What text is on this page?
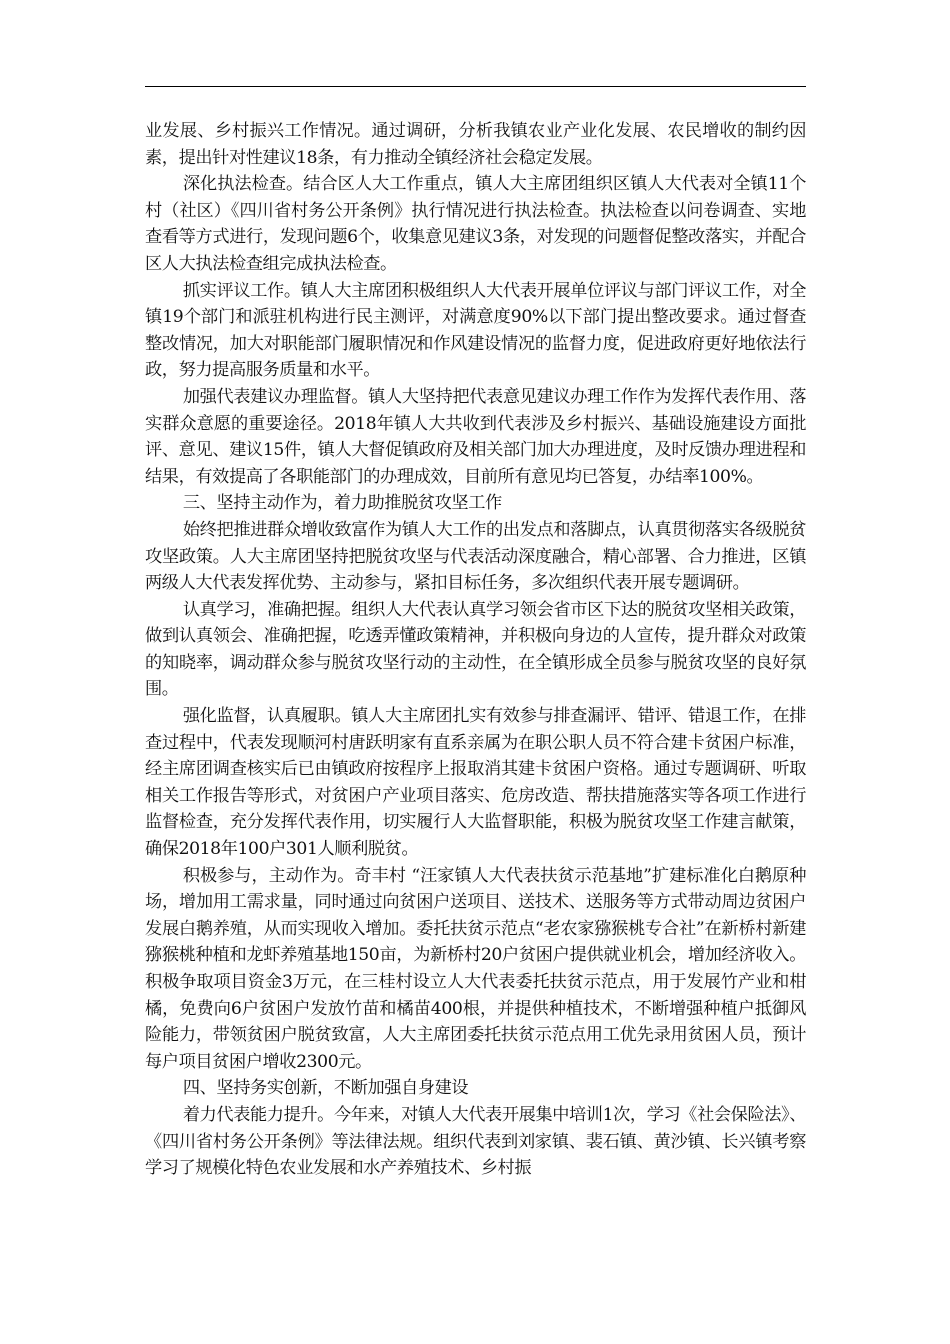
业发展、乡村振兴工作情况。通过调研，分析我镇农业产业化发展、农民增收的制约因素，提出针对性建议18条，有力推动全镇经济社会稳定发展。

深化执法检查。结合区人大工作重点，镇人大主席团组织区镇人大代表对全镇11个村（社区）《四川省村务公开条例》执行情况进行执法检查。执法检查以问卷调查、实地查看等方式进行，发现问题6个，收集意见建议3条，对发现的问题督促整改落实，并配合区人大执法检查组完成执法检查。

抓实评议工作。镇人大主席团积极组织人大代表开展单位评议与部门评议工作，对全镇19个部门和派驻机构进行民主测评，对满意度90%以下部门提出整改要求。通过督查整改情况，加大对职能部门履职情况和作风建设情况的监督力度，促进政府更好地依法行政，努力提高服务质量和水平。

加强代表建议办理监督。镇人大坚持把代表意见建议办理工作作为发挥代表作用、落实群众意愿的重要途径。2018年镇人大共收到代表涉及乡村振兴、基础设施建设方面批评、意见、建议15件，镇人大督促镇政府及相关部门加大办理进度，及时反馈办理进程和结果，有效提高了各职能部门的办理成效，目前所有意见均已答复，办结率100%。

三、坚持主动作为，着力助推脱贫攻坚工作

始终把推进群众增收致富作为镇人大工作的出发点和落脚点，认真贯彻落实各级脱贫攻坚政策。人大主席团坚持把脱贫攻坚与代表活动深度融合，精心部署、合力推进，区镇两级人大代表发挥优势、主动参与，紧扣目标任务，多次组织代表开展专题调研。

认真学习，准确把握。组织人大代表认真学习领会省市区下达的脱贫攻坚相关政策，做到认真领会、准确把握，吃透弄懂政策精神，并积极向身边的人宣传，提升群众对政策的知晓率，调动群众参与脱贫攻坚行动的主动性，在全镇形成全员参与脱贫攻坚的良好氛围。

强化监督，认真履职。镇人大主席团扎实有效参与排查漏评、错评、错退工作，在排查过程中，代表发现顺河村唐跃明家有直系亲属为在职公职人员不符合建卡贫困户标准，经主席团调查核实后已由镇政府按程序上报取消其建卡贫困户资格。通过专题调研、听取相关工作报告等形式，对贫困户产业项目落实、危房改造、帮扶措施落实等各项工作进行监督检查，充分发挥代表作用，切实履行人大监督职能，积极为脱贫攻坚工作建言献策，确保2018年100户301人顺利脱贫。

积极参与，主动作为。奇丰村 “汪家镇人大代表扶贫示范基地”扩建标准化白鹅原种场，增加用工需求量，同时通过向贫困户送项目、送技术、送服务等方式带动周边贫困户发展白鹅养殖，从而实现收入增加。委托扶贫示范点“老农家猕猴桃专合社”在新桥村新建猕猴桃种植和龙虾养殖基地150亩，为新桥村20户贫困户提供就业机会，增加经济收入。积极争取项目资金3万元，在三桂村设立人大代表委托扶贫示范点，用于发展竹产业和柑橘，免费向6户贫困户发放竹苗和橘苗400根，并提供种植技术，不断增强种植户抵御风险能力，带领贫困户脱贫致富，人大主席团委托扶贫示范点用工优先录用贫困人员，预计每户项目贫困户增收2300元。

四、坚持务实创新，不断加强自身建设

着力代表能力提升。今年来，对镇人大代表开展集中培训1次，学习《社会保险法》、《四川省村务公开条例》等法律法规。组织代表到刘家镇、裴石镇、黄沙镇、长兴镇考察学习了规模化特色农业发展和水产养殖技术、乡村振
